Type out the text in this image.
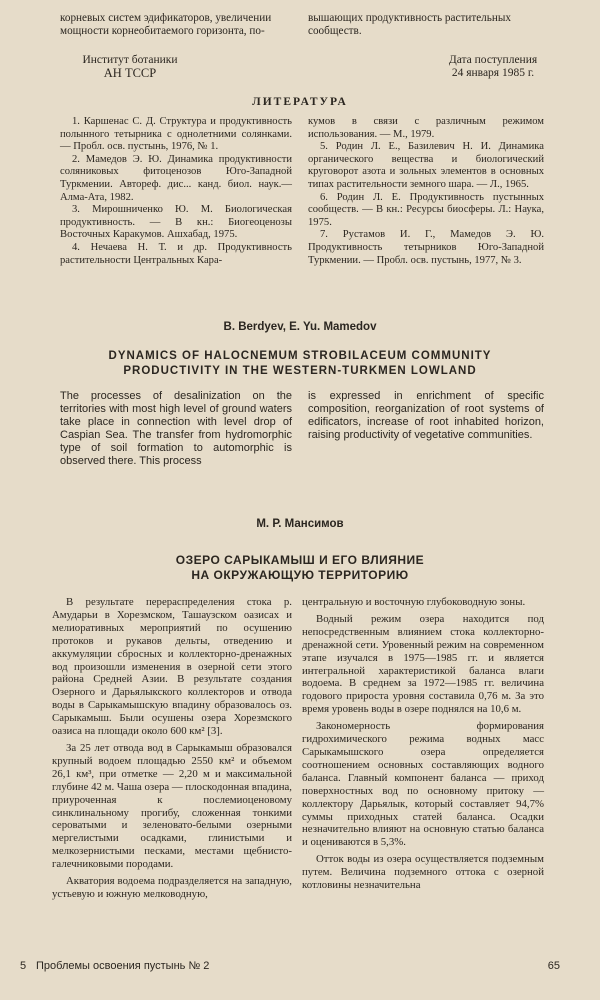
корневых систем эдификаторов, увеличении
мощности корнеобитаемого горизонта, по-
вышающих продуктивность растительных
сообществ.
Институт ботаники
АН ТССР
Дата поступления
24 января 1985 г.
ЛИТЕРАТУРА

1. Каршенас С. Д. Структура и продуктивность полынного тетырника с однолетними солянками. — Пробл. осв. пустынь, 1976, № 1.

2. Мамедов Э. Ю. Динамика продуктивности соляниковых фитоценозов Юго-Западной Туркмении. Автореф. дис... канд. биол. наук.—Алма-Ата, 1982.

3. Мирошниченко Ю. М. Биологическая продуктивность. — В кн.: Биогеоценозы Восточных Каракумов. Ашхабад, 1975.

4. Нечаева Н. Т. и др. Продуктивность растительности Центральных Кара-

кумов в связи с различным режимом использования. — М., 1979.

5. Родин Л. Е., Базилевич Н. И. Динамика органического вещества и биологический круговорот азота и зольных элементов в основных типах растительности земного шара. — Л., 1965.

6. Родин Л. Е. Продуктивность пустынных сообществ. — В кн.: Ресурсы биосферы. Л.: Наука, 1975.

7. Рустамов И. Г., Мамедов Э. Ю. Продуктивность тетырников Юго-Западной Туркмении. — Пробл. осв. пустынь, 1977, № 3.

B. Berdyev, E. Yu. Mamedov
DYNAMICS OF HALOCNEMUM STROBILACEUM COMMUNITY
PRODUCTIVITY IN THE WESTERN-TURKMEN LOWLAND

The processes of desalinization on the territories with most high level of ground waters take place in connection with level drop of Caspian Sea. The transfer from hydromorphic type of soil formation to automorphic is observed there. This process

is expressed in enrichment of specific composition, reorganization of root systems of edificators, increase of root inhabited horizon, raising productivity of vegetative communities.

М. Р. Мансимов
ОЗЕРО САРЫКАМЫШ И ЕГО ВЛИЯНИЕ
НА ОКРУЖАЮЩУЮ ТЕРРИТОРИЮ

В результате перераспределения стока р. Амударьи в Хорезмском, Ташаузском оазисах и мелиоративных мероприятий по осушению протоков и рукавов дельты, отведению и аккумуляции сбросных и коллекторно-дренажных вод произошли изменения в озерной сети этого района Средней Азии. В результате создания Озерного и Дарьялыкского коллекторов и отвода воды в Сарыкамышскую впадину образовалось оз. Сарыкамыш. Были осушены озера Хорезмского оазиса на площади около 600 км² [3].

За 25 лет отвода вод в Сарыкамыш образовался крупный водоем площадью 2550 км² и объемом 26,1 км³, при отметке — 2,20 м и максимальной глубине 42 м. Чаша озера — плоскодонная впадина, приуроченная к послемиоценовому синклинальному прогибу, сложенная тонкими сероватыми и зеленовато-белыми озерными мергелистыми осадками, глинистыми и мелкозернистыми песками, местами щебнисто-галечниковыми породами.

Акватория водоема подразделяется на западную, устьевую и южную мелководную,

центральную и восточную глубоководную зоны.

Водный режим озера находится под непосредственным влиянием стока коллекторно-дренажной сети. Уровенный режим на современном этапе изучался в 1975—1985 гг. и является интегральной характеристикой баланса влаги водоема. В среднем за 1972—1985 гг. величина годового прироста уровня составила 0,76 м. За это время уровень воды в озере поднялся на 10,6 м.

Закономерность формирования гидрохимического режима водных масс Сарыкамышского озера определяется соотношением основных составляющих водного баланса. Главный компонент баланса — приход поверхностных вод по основному притоку — коллектору Дарьялык, который составляет 94,7% суммы приходных статей баланса. Осадки незначительно влияют на основную статью баланса и оцениваются в 5,3%.

Отток воды из озера осуществляется подземным путем. Величина подземного оттока с озерной котловины незначительна

5 Проблемы освоения пустынь № 2	65
